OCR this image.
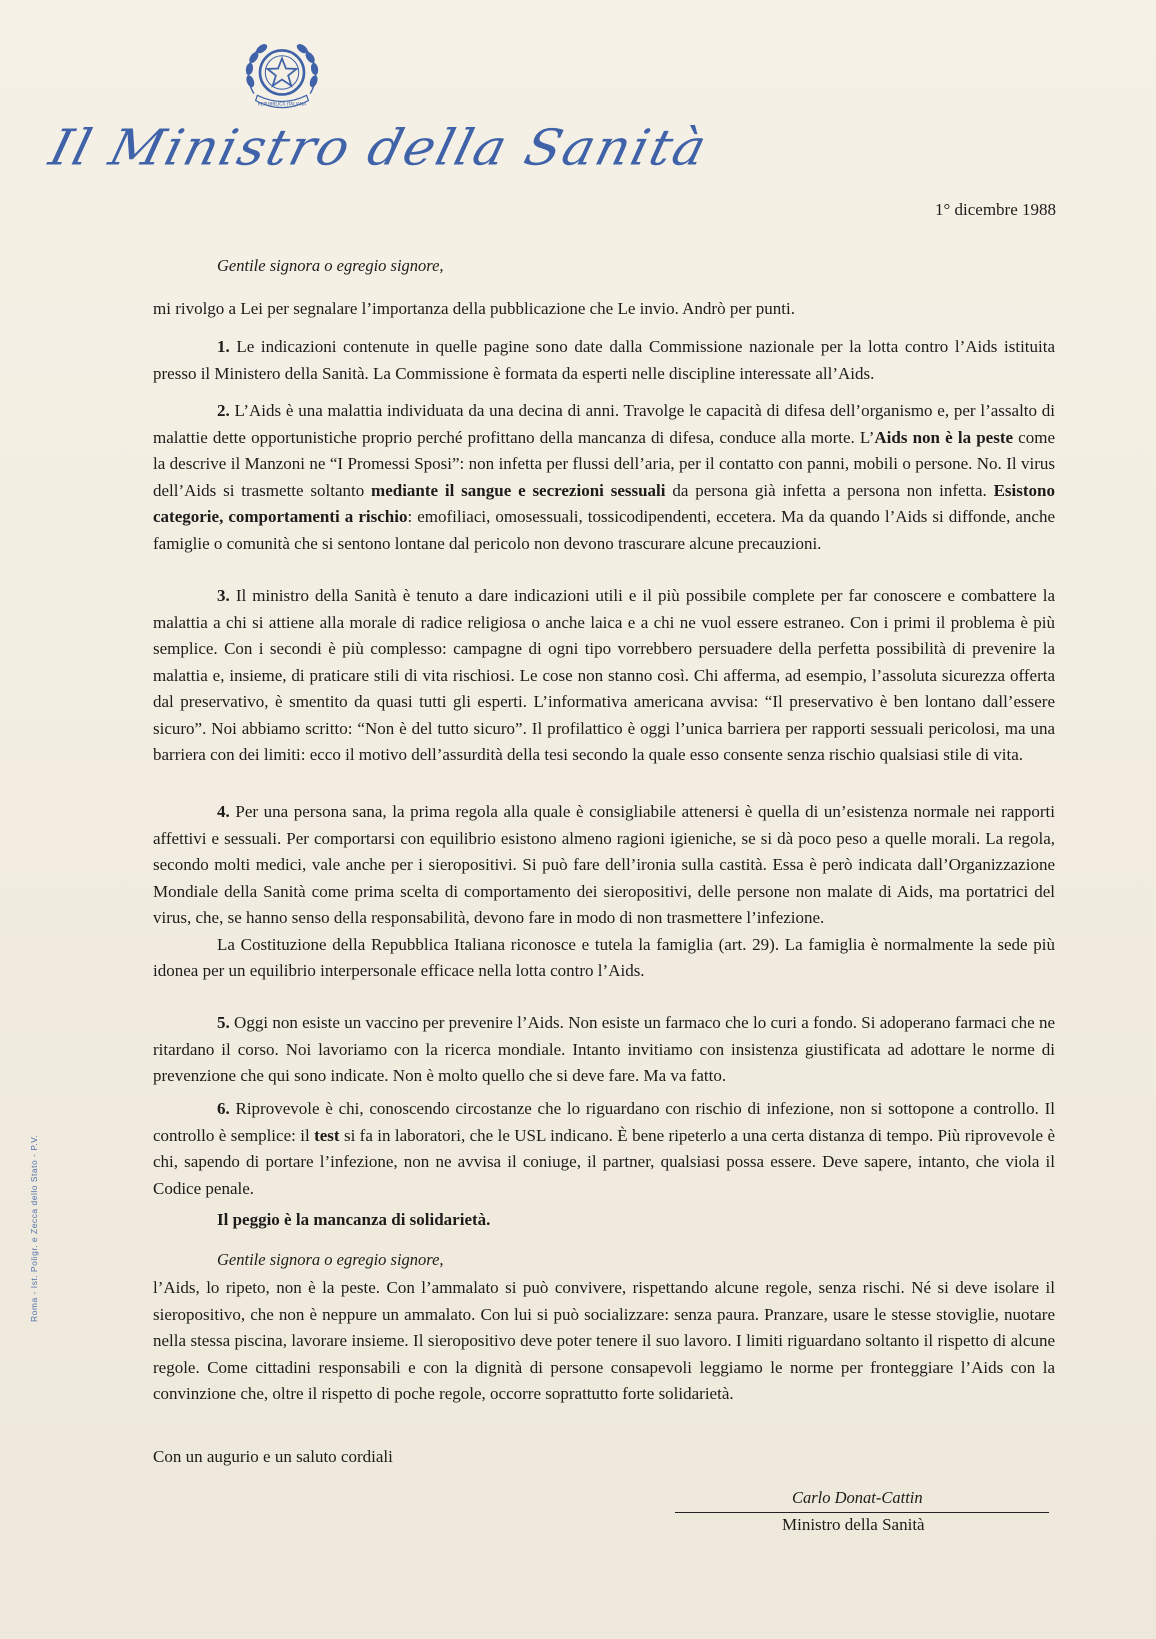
REPUBBLICA ITALIANA
Il Ministro della Sanità
1° dicembre 1988
Gentile signora o egregio signore,

mi rivolgo a Lei per segnalare l’importanza della pubblicazione che Le invio. Andrò per punti.

1. Le indicazioni contenute in quelle pagine sono date dalla Commissione nazionale per la lotta contro l’Aids istituita presso il Ministero della Sanità. La Commissione è formata da esperti nelle discipline interessate all’Aids.

2. L’Aids è una malattia individuata da una decina di anni. Travolge le capacità di difesa dell’organismo e, per l’assalto di malattie dette opportunistiche proprio perché profittano della mancanza di difesa, conduce alla morte. L’Aids non è la peste come la descrive il Manzoni ne “I Promessi Sposi”: non infetta per flussi dell’aria, per il contatto con panni, mobili o persone. No. Il virus dell’Aids si trasmette soltanto mediante il sangue e secrezioni sessuali da persona già infetta a persona non infetta. Esistono categorie, comportamenti a rischio: emofiliaci, omosessuali, tossicodipendenti, eccetera. Ma da quando l’Aids si diffonde, anche famiglie o comunità che si sentono lontane dal pericolo non devono trascurare alcune precauzioni.

3. Il ministro della Sanità è tenuto a dare indicazioni utili e il più possibile complete per far conoscere e combattere la malattia a chi si attiene alla morale di radice religiosa o anche laica e a chi ne vuol essere estraneo. Con i primi il problema è più semplice. Con i secondi è più complesso: campagne di ogni tipo vorrebbero persuadere della perfetta possibilità di prevenire la malattia e, insieme, di praticare stili di vita rischiosi. Le cose non stanno così. Chi afferma, ad esempio, l’assoluta sicurezza offerta dal preservativo, è smentito da quasi tutti gli esperti. L’informativa americana avvisa: “Il preservativo è ben lontano dall’essere sicuro”. Noi abbiamo scritto: “Non è del tutto sicuro”. Il profilattico è oggi l’unica barriera per rapporti sessuali pericolosi, ma una barriera con dei limiti: ecco il motivo dell’assurdità della tesi secondo la quale esso consente senza rischio qualsiasi stile di vita.

4. Per una persona sana, la prima regola alla quale è consigliabile attenersi è quella di un’esistenza normale nei rapporti affettivi e sessuali. Per comportarsi con equilibrio esistono almeno ragioni igieniche, se si dà poco peso a quelle morali. La regola, secondo molti medici, vale anche per i sieropositivi. Si può fare dell’ironia sulla castità. Essa è però indicata dall’Organizzazione Mondiale della Sanità come prima scelta di comportamento dei sieropositivi, delle persone non malate di Aids, ma portatrici del virus, che, se hanno senso della responsabilità, devono fare in modo di non trasmettere l’infezione.

La Costituzione della Repubblica Italiana riconosce e tutela la famiglia (art. 29). La famiglia è normalmente la sede più idonea per un equilibrio interpersonale efficace nella lotta contro l’Aids.

5. Oggi non esiste un vaccino per prevenire l’Aids. Non esiste un farmaco che lo curi a fondo. Si adoperano farmaci che ne ritardano il corso. Noi lavoriamo con la ricerca mondiale. Intanto invitiamo con insistenza giustificata ad adottare le norme di prevenzione che qui sono indicate. Non è molto quello che si deve fare. Ma va fatto.

6. Riprovevole è chi, conoscendo circostanze che lo riguardano con rischio di infezione, non si sottopone a controllo. Il controllo è semplice: il test si fa in laboratori, che le USL indicano. È bene ripeterlo a una certa distanza di tempo. Più riprovevole è chi, sapendo di portare l’infezione, non ne avvisa il coniuge, il partner, qualsiasi possa essere. Deve sapere, intanto, che viola il Codice penale.

Il peggio è la mancanza di solidarietà.
Gentile signora o egregio signore,

l’Aids, lo ripeto, non è la peste. Con l’ammalato si può convivere, rispettando alcune regole, senza rischi. Né si deve isolare il sieropositivo, che non è neppure un ammalato. Con lui si può socializzare: senza paura. Pranzare, usare le stesse stoviglie, nuotare nella stessa piscina, lavorare insieme. Il sieropositivo deve poter tenere il suo lavoro. I limiti riguardano soltanto il rispetto di alcune regole. Come cittadini responsabili e con la dignità di persone consapevoli leggiamo le norme per fronteggiare l’Aids con la convinzione che, oltre il rispetto di poche regole, occorre soprattutto forte solidarietà.

Con un augurio e un saluto cordiali

Carlo Donat-Cattin
Ministro della Sanità
Roma - Ist. Poligr. e Zecca dello Stato - P.V.
